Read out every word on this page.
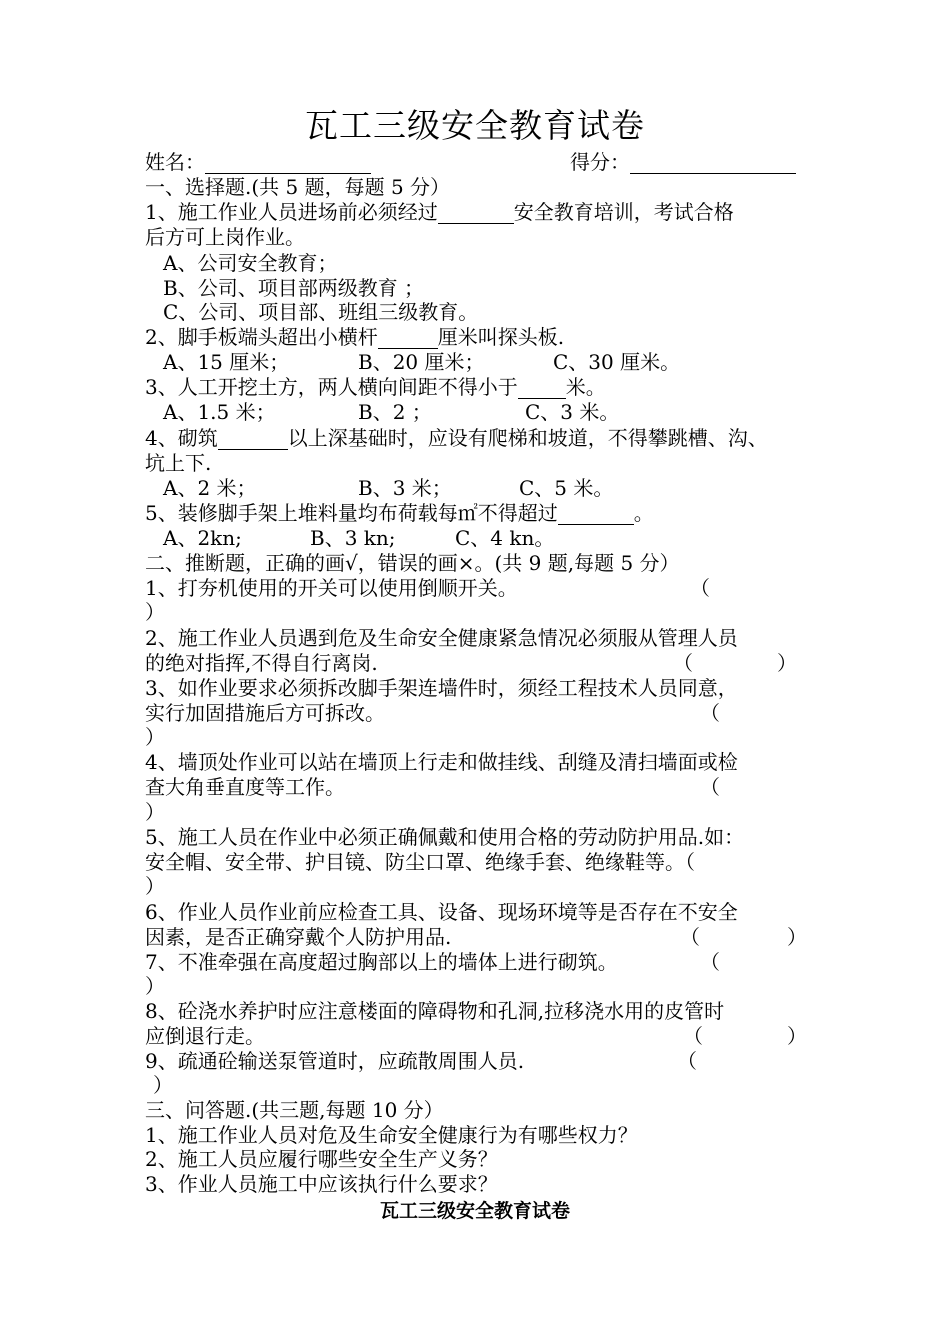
瓦工三级安全教育试卷
姓名：	得分：
一、选择题.(共 5 题，每题 5 分）
1、施工作业人员进场前必须经过	安全教育培训，考试合格
后方可上岗作业。
A、公司安全教育；
B、公司、项目部两级教育 ；
C、公司、项目部、班组三级教育。
2、脚手板端头超出小横杆	厘米叫探头板.
A、15 厘米；	B、20 厘米；	C、30 厘米。
3、人工开挖土方，两人横向间距不得小于 米。
A、1.5 米；	B、2 ；	C、3 米。
4、砌筑	以上深基础时，应设有爬梯和坡道，不得攀跳槽、沟、
坑上下.
A、2 米；	B、3 米；	C、5 米。
5、装修脚手架上堆料量均布荷载每㎡不得超过	。
A、2kn;	B、3 kn;	C、4 kn。
二、推断题，正确的画√，错误的画×。(共 9 题,每题 5 分）
1、打夯机使用的开关可以使用倒顺开关。	（
）
2、施工作业人员遇到危及生命安全健康紧急情况必须服从管理人员
的绝对指挥,不得自行离岗.	（	）
3、如作业要求必须拆改脚手架连墙件时，须经工程技术人员同意，
实行加固措施后方可拆改。	（
）
4、墙顶处作业可以站在墙顶上行走和做挂线、刮缝及清扫墙面或检
查大角垂直度等工作。	（
）
5、施工人员在作业中必须正确佩戴和使用合格的劳动防护用品.如：
安全帽、安全带、护目镜、防尘口罩、绝缘手套、绝缘鞋等。（
）
6、作业人员作业前应检查工具、设备、现场环境等是否存在不安全
因素，是否正确穿戴个人防护用品.	（	）
7、不准牵强在高度超过胸部以上的墙体上进行砌筑。	（
）
8、砼浇水养护时应注意楼面的障碍物和孔洞,拉移浇水用的皮管时
应倒退行走。	（	）
9、疏通砼输送泵管道时，应疏散周围人员.	（
）
三、问答题.(共三题,每题 10 分）
1、施工作业人员对危及生命安全健康行为有哪些权力？
2、施工人员应履行哪些安全生产义务？
3、作业人员施工中应该执行什么要求？
瓦工三级安全教育试卷
